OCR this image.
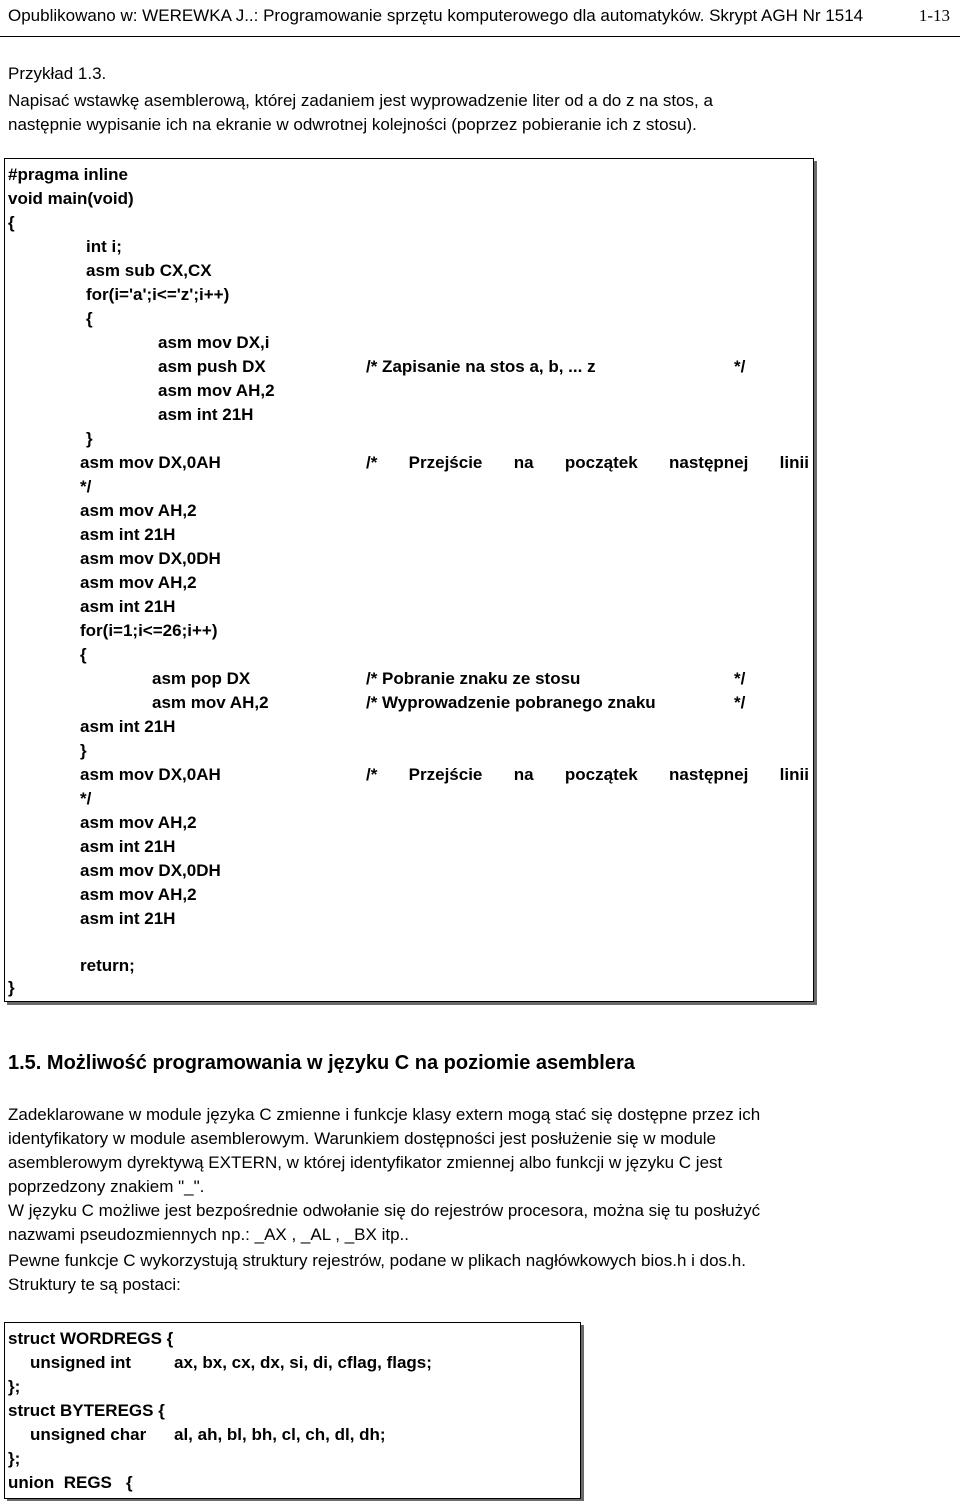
Opublikowano w: WEREWKA J..: Programowanie sprzętu komputerowego dla automatyków. Skrypt AGH Nr 1514	1-13
Przykład 1.3.
Napisać wstawkę asemblerową, której zadaniem jest wyprowadzenie liter od a do z na stos, a
następnie wypisanie ich na ekranie w odwrotnej kolejności (poprzez pobieranie ich z stosu).
#pragma inline
void main(void)
{
int i;
asm sub CX,CX
for(i='a';i<='z';i++)
{
asm mov DX,i
asm push DX
asm mov AH,2
asm int 21H
}
asm mov DX,0AH
*/
asm mov AH,2
asm int 21H
asm mov DX,0DH
asm mov AH,2
asm int 21H
for(i=1;i<=26;i++)
{
asm pop DX
asm mov AH,2
asm int 21H
}
asm mov DX,0AH
*/
asm mov AH,2
asm int 21H
asm mov DX,0DH
asm mov AH,2
asm int 21H
return;
}
/* Zapisanie na stos a, b, ... z	*/
/* Przejście na początek następnej linii
/* Pobranie znaku ze stosu	*/
/* Wyprowadzenie pobranego znaku	*/
/* Przejście na początek następnej linii
1.5. Możliwość programowania w języku C na poziomie asemblera
Zadeklarowane w module języka C zmienne i funkcje klasy extern mogą stać się dostępne przez ich
identyfikatory w module asemblerowym. Warunkiem dostępności jest posłużenie się w module
asemblerowym dyrektywą EXTERN, w której identyfikator zmiennej albo funkcji w języku C jest
poprzedzony znakiem "_".
W języku C możliwe jest bezpośrednie odwołanie się do rejestrów procesora, można się tu posłużyć
nazwami pseudozmiennych np.: _AX , _AL , _BX itp..
Pewne funkcje C wykorzystują struktury rejestrów, podane w plikach nagłówkowych bios.h i dos.h.
Struktury te są postaci:
struct WORDREGS {
unsigned int	ax, bx, cx, dx, si, di, cflag, flags;
};
struct BYTEREGS {
unsigned char al, ah, bl, bh, cl, ch, dl, dh;
};
union  REGS   {
